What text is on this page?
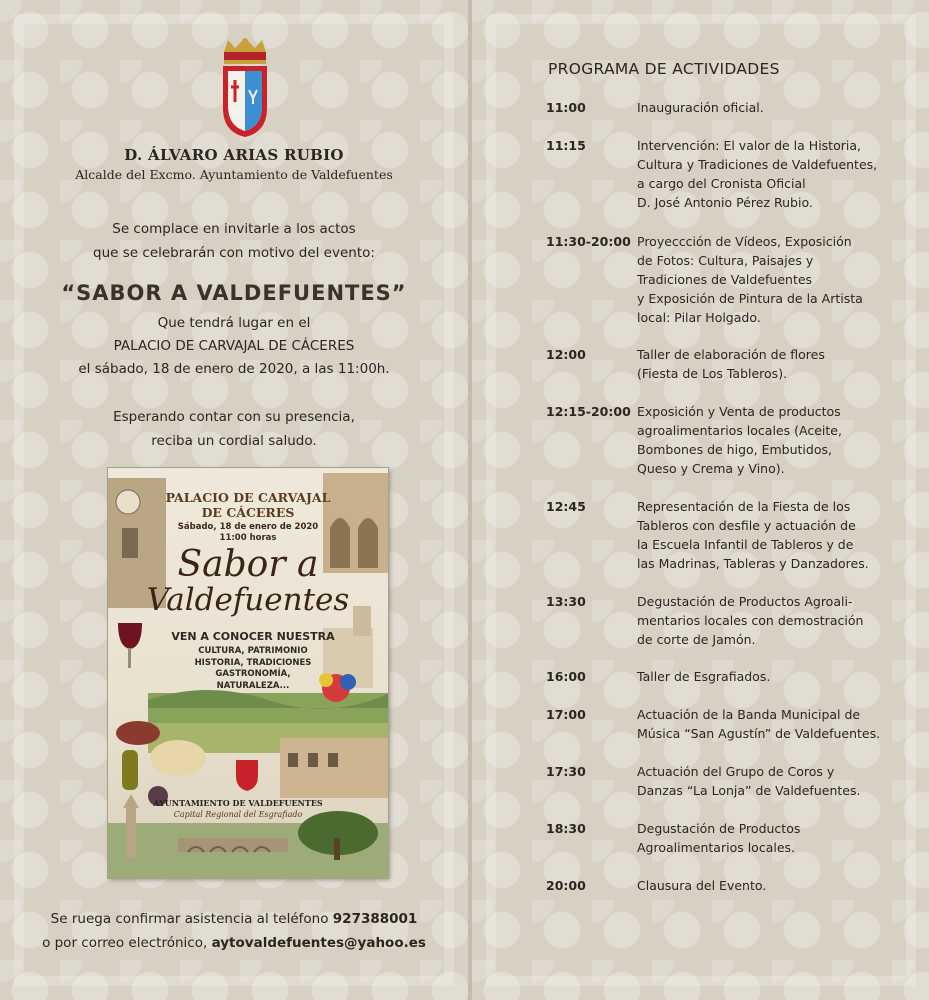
D. ÁLVARO ARIAS RUBIO
Alcalde del Excmo. Ayuntamiento de Valdefuentes
Se complace en invitarle a los actos
que se celebrarán con motivo del evento:
“SABOR A VALDEFUENTES”
Que tendrá lugar en el
PALACIO DE CARVAJAL DE CÁCERES
el sábado, 18 de enero de 2020, a las 11:00h.
Esperando contar con su presencia,
reciba un cordial saludo.
PALACIO DE CARVAJAL
DE CÁCERES
Sábado, 18 de enero de 2020
11:00 horas
Sabor a
Valdefuentes
VEN A CONOCER NUESTRA
CULTURA, PATRIMONIO
HISTORIA, TRADICIONES
GASTRONOMÍA,
NATURALEZA...
AYUNTAMIENTO DE VALDEFUENTES
Capital Regional del Esgrafiado
Se ruega confirmar asistencia al teléfono 927388001
o por correo electrónico, aytovaldefuentes@yahoo.es
PROGRAMA DE ACTIVIDADES
11:00	Inauguración oficial.
11:15	Intervención: El valor de la Historia,
Cultura y Tradiciones de Valdefuentes,
a cargo del Cronista Oficial
D. José Antonio Pérez Rubio.
11:30-20:00 Proyeccción de Vídeos, Exposición
de Fotos: Cultura, Paisajes y
Tradiciones de Valdefuentes
y Exposición de Pintura de la Artista
local: Pilar Holgado.
12:00	Taller de elaboración de flores
(Fiesta de Los Tableros).
12:15-20:00 Exposición y Venta de productos
agroalimentarios locales (Aceite,
Bombones de higo, Embutidos,
Queso y Crema y Vino).
12:45	Representación de la Fiesta de los
Tableros con desfile y actuación de
la Escuela Infantil de Tableros y de
las Madrinas, Tableras y Danzadores.
13:30	Degustación de Productos Agroali-
mentarios locales con demostración
de corte de Jamón.
16:00	Taller de Esgrafiados.
17:00	Actuación de la Banda Municipal de
Música “San Agustín” de Valdefuentes.
17:30	Actuación del Grupo de Coros y
Danzas “La Lonja” de Valdefuentes.
18:30	Degustación de Productos
Agroalimentarios locales.
20:00	Clausura del Evento.
